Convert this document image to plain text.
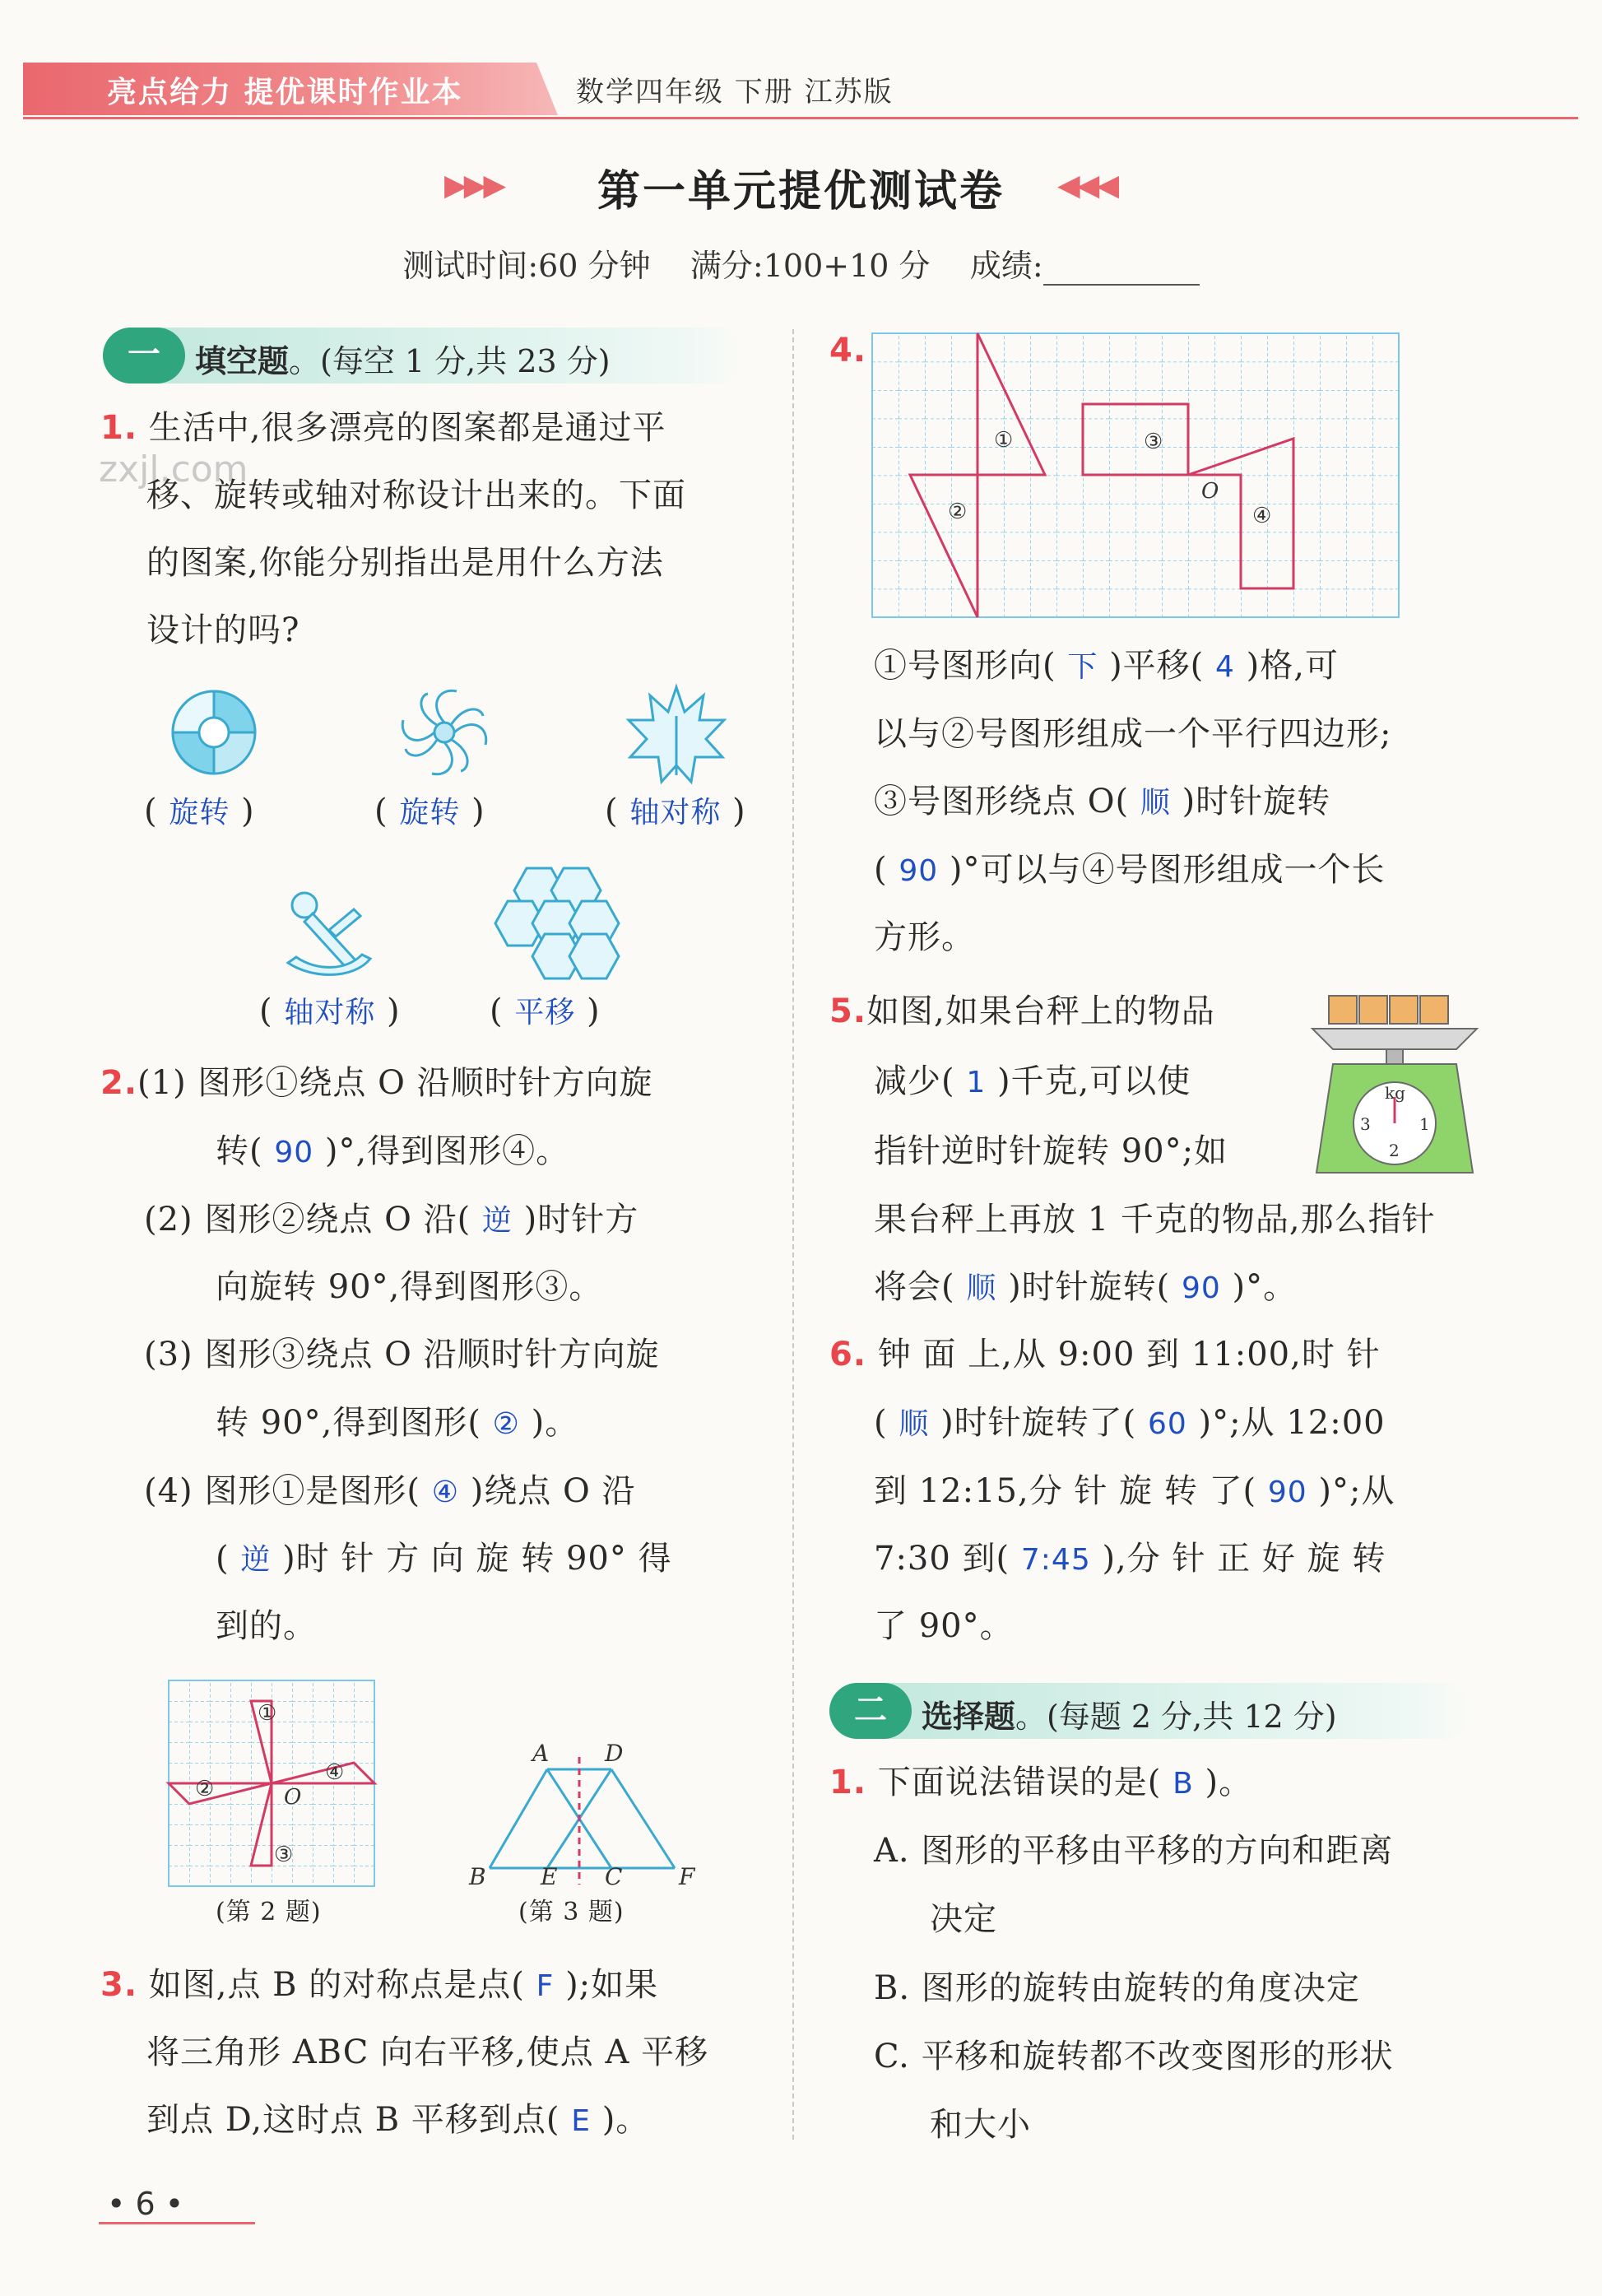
亮点给力 提优课时作业本	数学四年级 下册 江苏版
▶▶▶	第一单元提优测试卷	◀◀◀
测试时间:60 分钟 满分:100+10 分 成绩:
zxjl.com
一	填空题。(每空 1 分,共 23 分)
1. 生活中,很多漂亮的图案都是通过平
移、旋转或轴对称设计出来的。下面
的图案,你能分别指出是用什么方法
设计的吗?
( 旋转 )	( 旋转 )	( 轴对称 )
( 轴对称 )	( 平移 )
2.(1) 图形①绕点 O 沿顺时针方向旋
转( 90 )°,得到图形④。
(2) 图形②绕点 O 沿( 逆 )时针方
向旋转 90°,得到图形③。
(3) 图形③绕点 O 沿顺时针方向旋
转 90°,得到图形( ② )。
(4) 图形①是图形( ④ )绕点 O 沿
( 逆 )时 针 方 向 旋 转 90° 得
到的。
①
②
③
④
O
(第 2 题)
A D
B E C F
(第 3 题)
3. 如图,点 B 的对称点是点( F );如果
将三角形 ABC 向右平移,使点 A 平移
到点 D,这时点 B 平移到点( E )。
4.
①
②
③
④
O
①号图形向( 下 )平移( 4 )格,可
以与②号图形组成一个平行四边形;
③号图形绕点 O( 顺 )时针旋转
( 90 )°可以与④号图形组成一个长
方形。
5.如图,如果台秤上的物品
减少( 1 )千克,可以使
指针逆时针旋转 90°;如
果台秤上再放 1 千克的物品,那么指针
将会( 顺 )时针旋转( 90 )°。
kg
3	1
2
6. 钟 面 上,从 9:00 到 11:00,时 针
( 顺 )时针旋转了( 60 )°;从 12:00
到 12:15,分 针 旋 转 了( 90 )°;从
7:30 到( 7:45 ),分 针 正 好 旋 转
了 90°。
二	选择题。(每题 2 分,共 12 分)
1. 下面说法错误的是( B )。
A. 图形的平移由平移的方向和距离
决定
B. 图形的旋转由旋转的角度决定
C. 平移和旋转都不改变图形的形状
和大小
• 6 •
